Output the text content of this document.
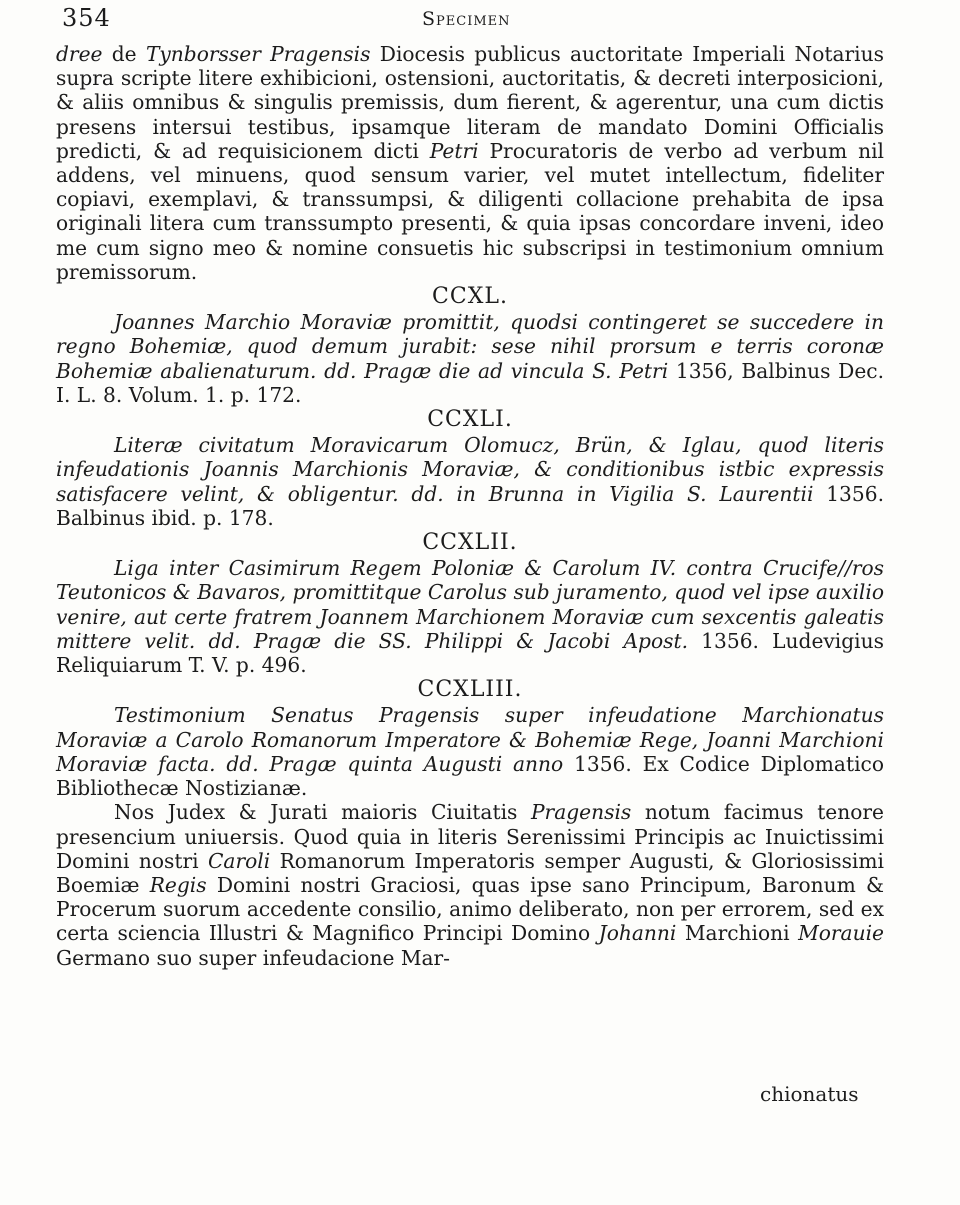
354	Specimen

dree de Tynborsser Pragensis Diocesis publicus auctoritate Imperiali Notarius supra scripte litere exhibicioni, ostensioni, auctoritatis, & decreti interposicioni, & aliis omnibus & singulis premissis, dum fierent, & agerentur, una cum dictis presens intersui testibus, ipsamque literam de mandato Domini Officialis predicti, & ad requisicionem dicti Petri Procuratoris de verbo ad verbum nil addens, vel minuens, quod sensum varier, vel mutet intellectum, fideliter copiavi, exemplavi, & transsumpsi, & diligenti collacione prehabita de ipsa originali litera cum transsumpto presenti, & quia ipsas concordare inveni, ideo me cum signo meo & nomine consuetis hic subscripsi in testimonium omnium premissorum.

CCXL.

Joannes Marchio Moraviæ promittit, quodsi contingeret se succedere in regno Bohemiæ, quod demum jurabit: sese nihil prorsum e terris coronæ Bohemiæ abalienaturum. dd. Pragæ die ad vincula S. Petri 1356, Balbinus Dec. I. L. 8. Volum. 1. p. 172.

CCXLI.

Literæ civitatum Moravicarum Olomucz, Brün, & Iglau, quod literis infeudationis Joannis Marchionis Moraviæ, & conditionibus istbic expressis satisfacere velint, & obligentur. dd. in Brunna in Vigilia S. Laurentii 1356. Balbinus ibid. p. 178.

CCXLII.

Liga inter Casimirum Regem Poloniæ & Carolum IV. contra Crucife//ros Teutonicos & Bavaros, promittitque Carolus sub juramento, quod vel ipse auxilio venire, aut certe fratrem Joannem Marchionem Moraviæ cum sexcentis galeatis mittere velit. dd. Pragæ die SS. Philippi & Jacobi Apost. 1356. Ludevigius Reliquiarum T. V. p. 496.

CCXLIII.

Testimonium Senatus Pragensis super infeudatione Marchionatus Moraviæ a Carolo Romanorum Imperatore & Bohemiæ Rege, Joanni Marchioni Moraviæ facta. dd. Pragæ quinta Augusti anno 1356. Ex Codice Diplomatico Bibliothecæ Nostizianæ.

Nos Judex & Jurati maioris Ciuitatis Pragensis notum facimus tenore presencium uniuersis. Quod quia in literis Serenissimi Principis ac Inuictissimi Domini nostri Caroli Romanorum Imperatoris semper Augusti, & Gloriosissimi Boemiæ Regis Domini nostri Graciosi, quas ipse sano Principum, Baronum & Procerum suorum accedente consilio, animo deliberato, non per errorem, sed ex certa sciencia Illustri & Magnifico Principi Domino Johanni Marchioni Morauie Germano suo super infeudacione Mar-

chionatus
